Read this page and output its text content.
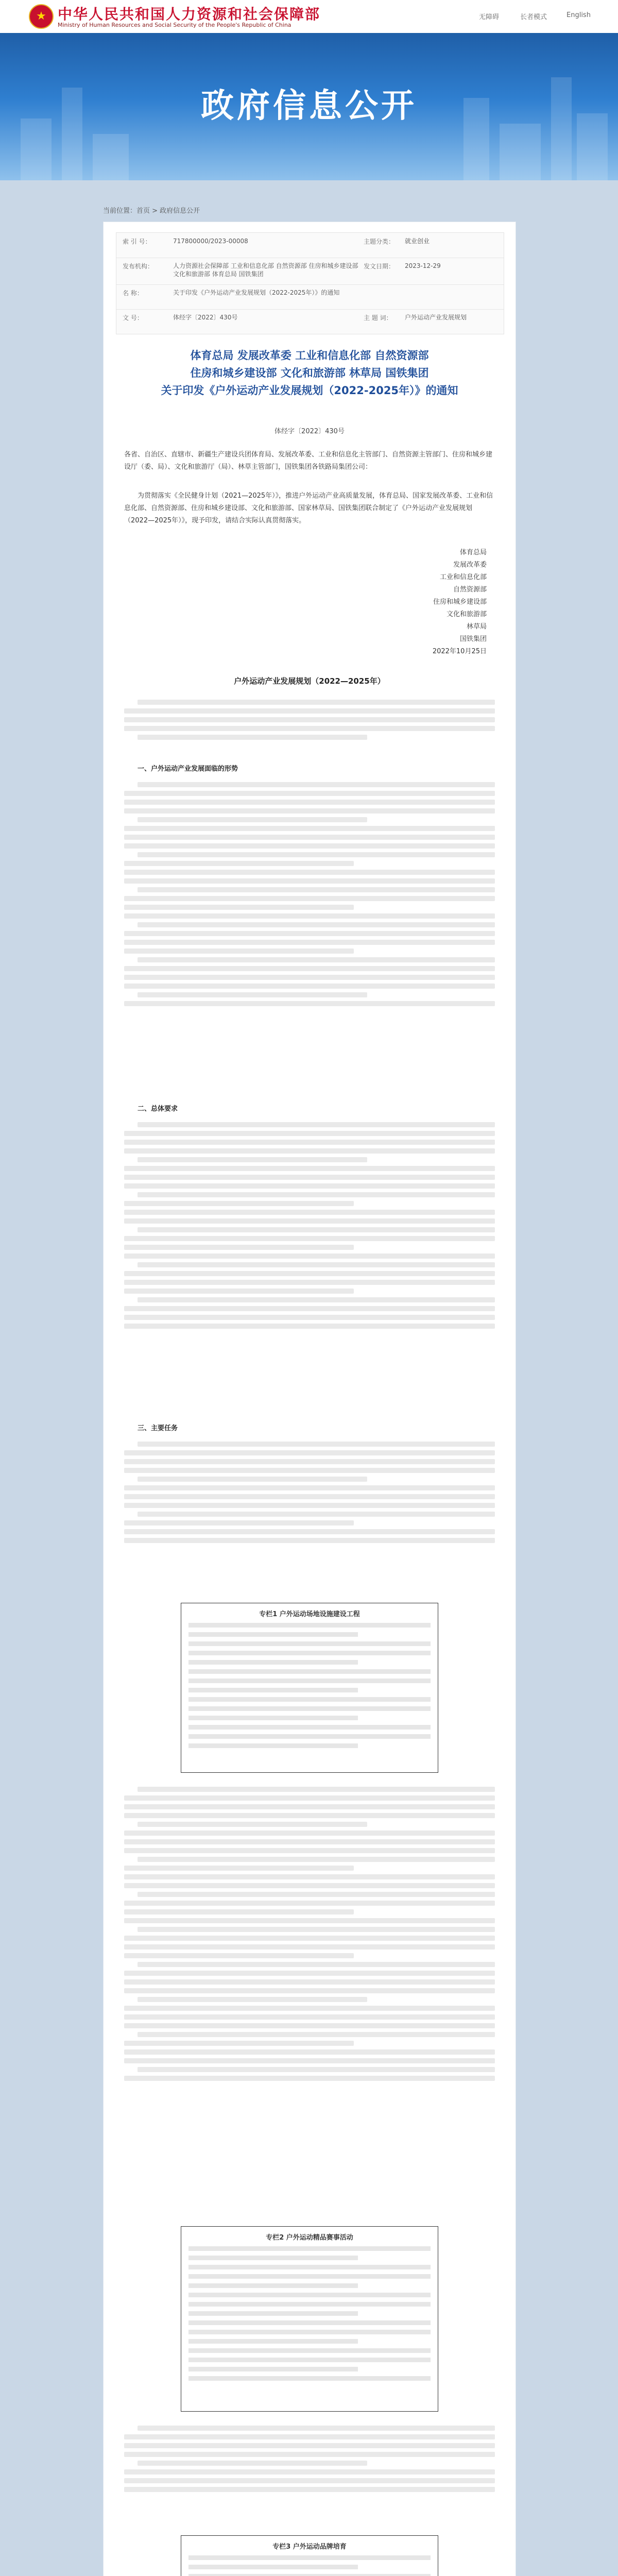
★ 中华人民共和国人力资源和社会保障部
Ministry of Human Resources and Social Security of the People's Republic of China
无障碍	长者模式	English
政府信息公开
当前位置：首页 > 政府信息公开
索 引 号：	717800000/2023-00008	主题分类： 就业创业
发布机构：	人力资源社会保障部 工业和信息化部 自然资源部 住房和城乡建设部 文化和旅游部 体育总局 国铁集团
发文日期： 2023-12-29
名 称：	关于印发《户外运动产业发展规划（2022-2025年）》的通知
文 号：	体经字〔2022〕430号	主 题 词： 户外运动产业发展规划
体育总局 发展改革委 工业和信息化部 自然资源部
住房和城乡建设部 文化和旅游部 林草局 国铁集团
关于印发《户外运动产业发展规划（2022-2025年）》的通知
体经字〔2022〕430号
各省、自治区、直辖市、新疆生产建设兵团体育局、发展改革委、工业和信息化主管部门、自然资源主管部门、住房和城乡建设厅（委、局）、文化和旅游厅（局）、林草主管部门，国铁集团各铁路局集团公司：
为贯彻落实《全民健身计划（2021—2025年）》，推进户外运动产业高质量发展，体育总局、国家发展改革委、工业和信息化部、自然资源部、住房和城乡建设部、文化和旅游部、国家林草局、国铁集团联合制定了《户外运动产业发展规划（2022—2025年）》，现予印发，请结合实际认真贯彻落实。
体育总局
发展改革委
工业和信息化部
自然资源部
住房和城乡建设部
文化和旅游部
林草局
国铁集团
2022年10月25日
户外运动产业发展规划（2022—2025年）
一、户外运动产业发展面临的形势
二、总体要求
三、主要任务
专栏1 户外运动场地设施建设工程
专栏2 户外运动精品赛事活动
专栏3 户外运动品牌培育
